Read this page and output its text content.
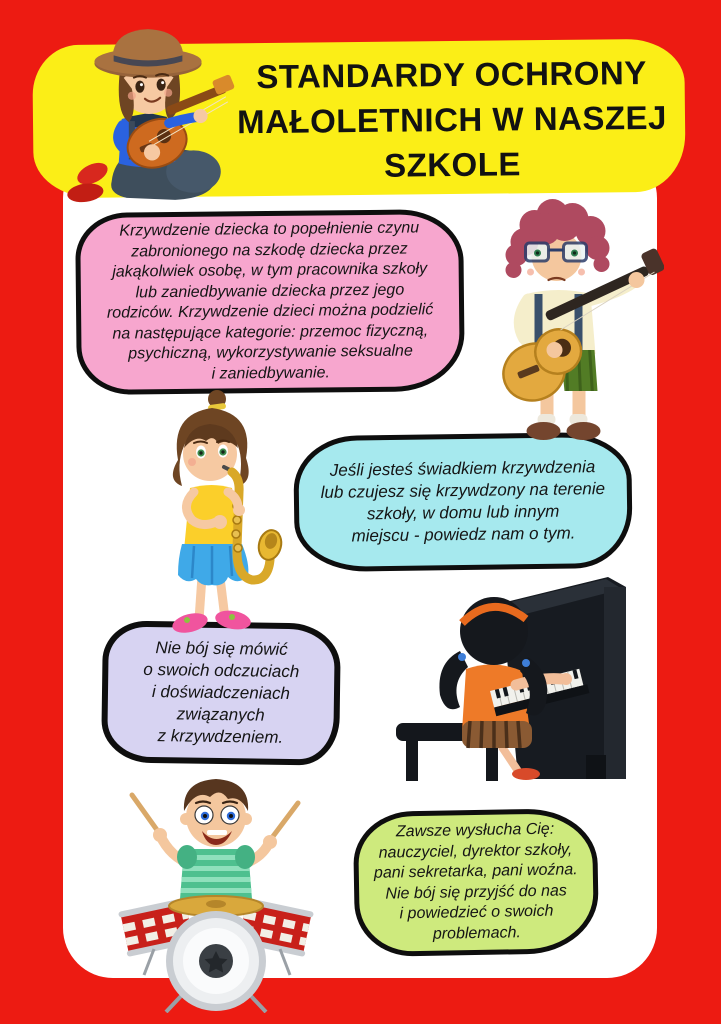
STANDARDY OCHRONY
MAŁOLETNICH W NASZEJ
SZKOLE
Krzywdzenie dziecka to popełnienie czynu
zabronionego na szkodę dziecka przez
jakąkolwiek osobę, w tym pracownika szkoły
lub zaniedbywanie dziecka przez jego
rodziców. Krzywdzenie dzieci można podzielić
na następujące kategorie: przemoc fizyczną,
psychiczną, wykorzystywanie seksualne
i zaniedbywanie.
Jeśli jesteś świadkiem krzywdzenia
lub czujesz się krzywdzony na terenie
szkoły, w domu lub innym
miejscu - powiedz nam o tym.
Nie bój się mówić
o swoich odczuciach
i doświadczeniach
związanych
z krzywdzeniem.
Zawsze wysłucha Cię:
nauczyciel, dyrektor szkoły,
pani sekretarka, pani woźna.
Nie bój się przyjść do nas
i powiedzieć o swoich
problemach.
